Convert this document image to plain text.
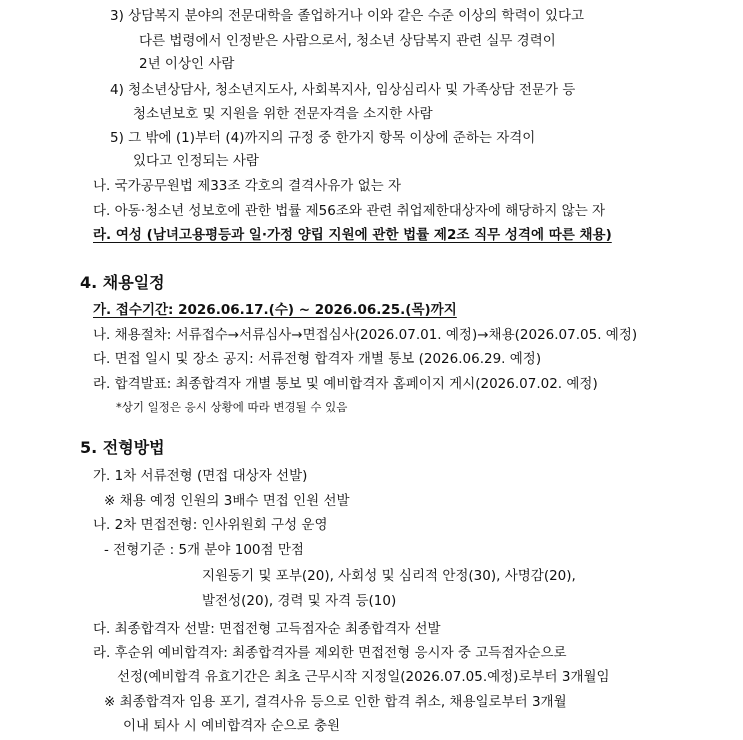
3) 상담복지 분야의 전문대학을 졸업하거나 이와 같은 수준 이상의 학력이 있다고
다른 법령에서 인정받은 사람으로서, 청소년 상담복지 관련 실무 경력이
2년 이상인 사람
4) 청소년상담사, 청소년지도사, 사회복지사, 임상심리사 및 가족상담 전문가 등
청소년보호 및 지원을 위한 전문자격을 소지한 사람
5) 그 밖에 (1)부터 (4)까지의 규정 중 한가지 항목 이상에 준하는 자격이
있다고 인정되는 사람
나. 국가공무원법 제33조 각호의 결격사유가 없는 자
다. 아동·청소년 성보호에 관한 법률 제56조와 관련 취업제한대상자에 해당하지 않는 자
라. 여성 (남녀고용평등과 일·가정 양립 지원에 관한 법률 제2조 직무 성격에 따른 채용)
4. 채용일정
가. 접수기간: 2026.06.17.(수) ~ 2026.06.25.(목)까지
나. 채용절차: 서류접수→서류심사→면접심사(2026.07.01. 예정)→채용(2026.07.05. 예정)
다. 면접 일시 및 장소 공지: 서류전형 합격자 개별 통보 (2026.06.29. 예정)
라. 합격발표: 최종합격자 개별 통보 및 예비합격자 홈페이지 게시(2026.07.02. 예정)
*상기 일정은 응시 상황에 따라 변경될 수 있음
5. 전형방법
가. 1차 서류전형 (면접 대상자 선발)
※ 채용 예정 인원의 3배수 면접 인원 선발
나. 2차 면접전형: 인사위원회 구성 운영
- 전형기준 : 5개 분야 100점 만점
지원동기 및 포부(20), 사회성 및 심리적 안정(30), 사명감(20),
발전성(20), 경력 및 자격 등(10)
다. 최종합격자 선발: 면접전형 고득점자순 최종합격자 선발
라. 후순위 예비합격자: 최종합격자를 제외한 면접전형 응시자 중 고득점자순으로
선정(예비합격 유효기간은 최초 근무시작 지정일(2026.07.05.예정)로부터 3개월임
※ 최종합격자 임용 포기, 결격사유 등으로 인한 합격 취소, 채용일로부터 3개월
이내 퇴사 시 예비합격자 순으로 충원
